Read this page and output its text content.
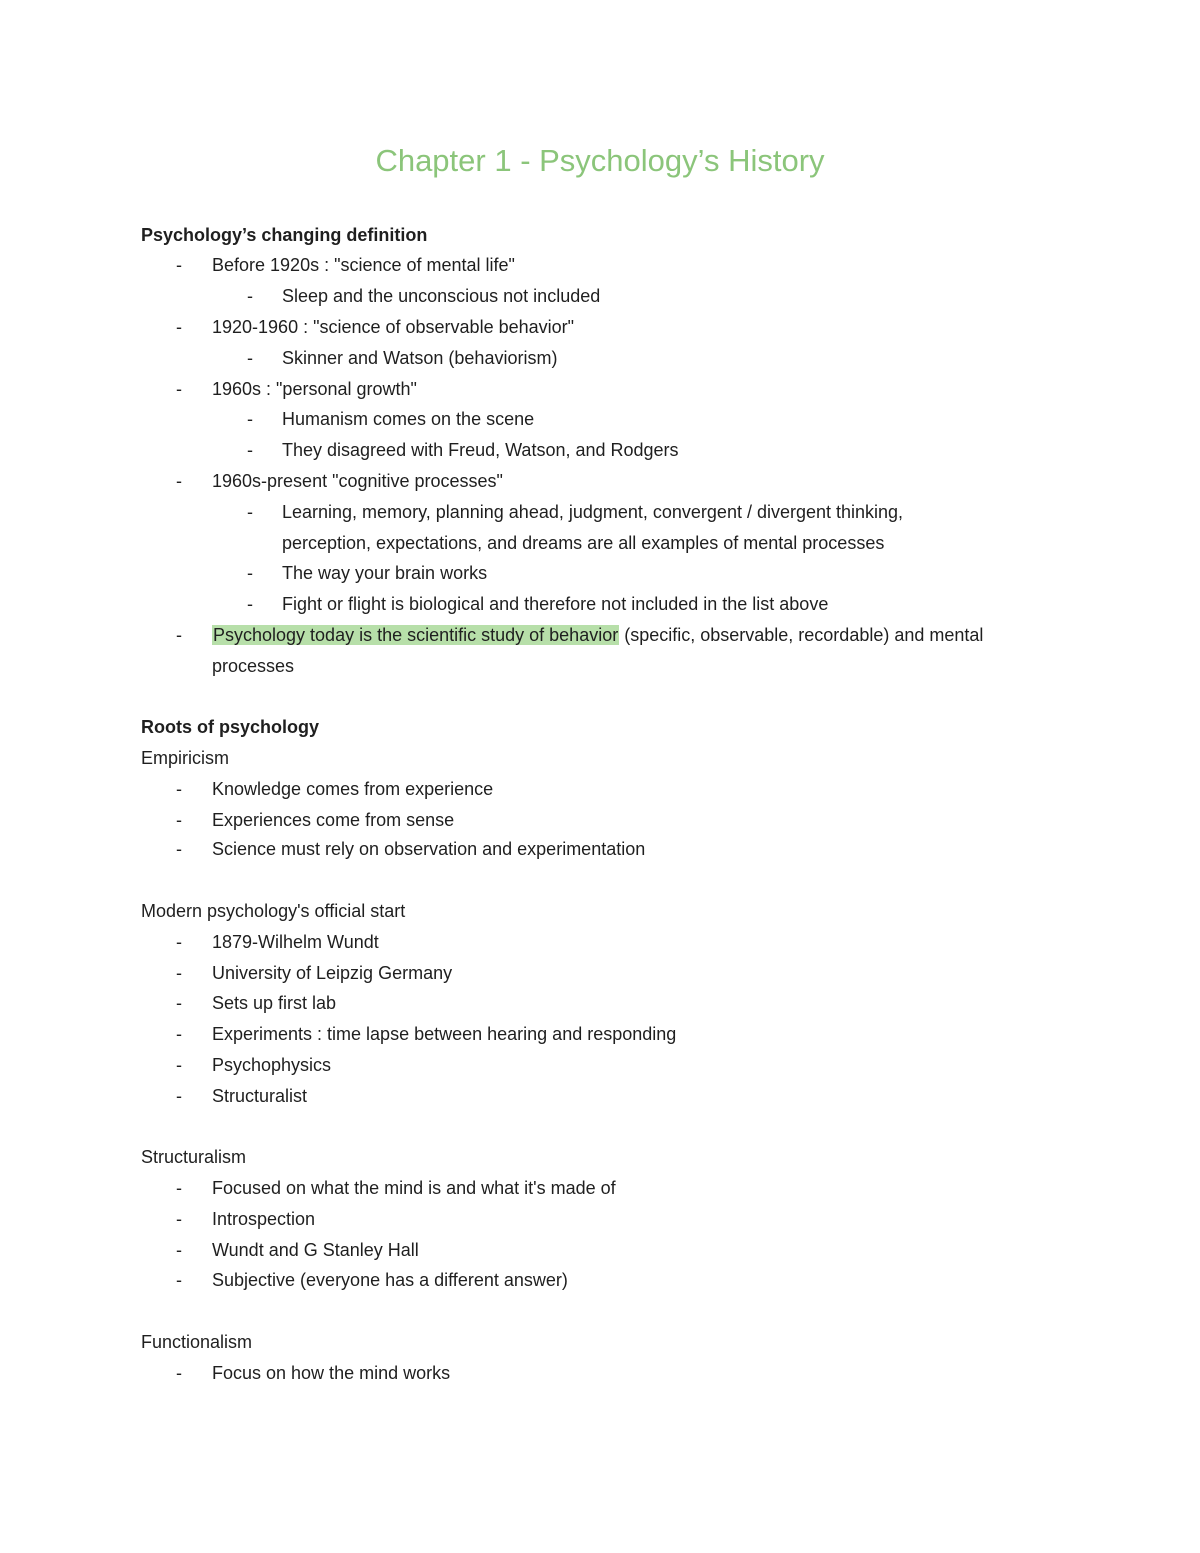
Chapter 1 - Psychology’s History
Psychology’s changing definition
- Before 1920s : "science of mental life"
- Sleep and the unconscious not included
- 1920-1960 : "science of observable behavior"
- Skinner and Watson (behaviorism)
- 1960s : "personal growth"
- Humanism comes on the scene
- They disagreed with Freud, Watson, and Rodgers
- 1960s-present "cognitive processes"
- Learning, memory, planning ahead, judgment, convergent / divergent thinking,
perception, expectations, and dreams are all examples of mental processes
- The way your brain works
- Fight or flight is biological and therefore not included in the list above
- Psychology today is the scientific study of behavior (specific, observable, recordable) and mental
processes
Roots of psychology
Empiricism
- Knowledge comes from experience
- Experiences come from sense
- Science must rely on observation and experimentation
Modern psychology's official start
- 1879-Wilhelm Wundt
- University of Leipzig Germany
- Sets up first lab
- Experiments : time lapse between hearing and responding
- Psychophysics
- Structuralist
Structuralism
- Focused on what the mind is and what it's made of
- Introspection
- Wundt and G Stanley Hall
- Subjective (everyone has a different answer)
Functionalism
- Focus on how the mind works
